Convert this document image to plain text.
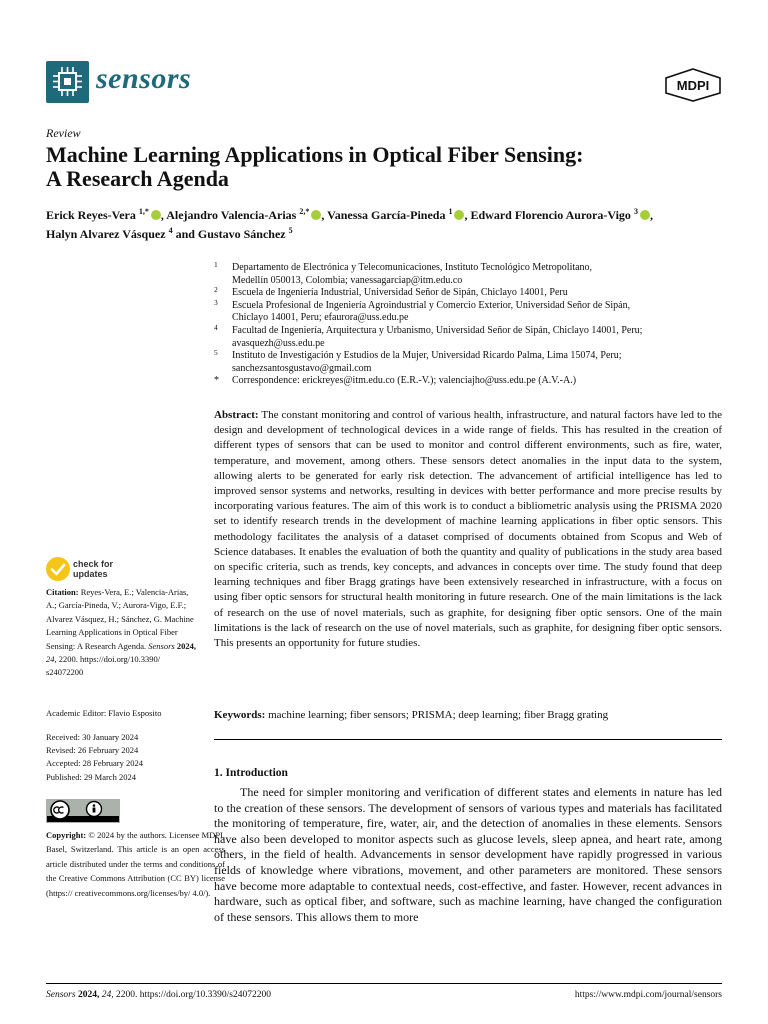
sensors	MDPI
Review
Machine Learning Applications in Optical Fiber Sensing:
A Research Agenda
Erick Reyes-Vera $^{1,*}$ , Alejandro Valencia-Arias $^{2,*}$ , Vanessa García-Pineda $^1$ , Edward Florencio Aurora-Vigo $^3$ ,
Halyn Alvarez Vásquez $^4$ and Gustavo Sánchez $^5$
1 Departamento de Electrónica y Telecomunicaciones, Instituto Tecnológico Metropolitano,
Medellín 050013, Colombia; vanessagarciap@itm.edu.co
2 Escuela de Ingeniería Industrial, Universidad Señor de Sipán, Chiclayo 14001, Peru
3 Escuela Profesional de Ingeniería Agroindustrial y Comercio Exterior, Universidad Señor de Sipán,
Chiclayo 14001, Peru; efaurora@uss.edu.pe
4 Facultad de Ingeniería, Arquitectura y Urbanismo, Universidad Señor de Sipán, Chiclayo 14001, Peru;
avasquezh@uss.edu.pe
5 Instituto de Investigación y Estudios de la Mujer, Universidad Ricardo Palma, Lima 15074, Peru;
sanchezsantosgustavo@gmail.com
* Correspondence: erickreyes@itm.edu.co (E.R.-V.); valenciajho@uss.edu.pe (A.V.-A.)
Abstract: The constant monitoring and control of various health, infrastructure, and natural factors have led to the design and development of technological devices in a wide range of fields. This has resulted in the creation of different types of sensors that can be used to monitor and control different environments, such as fire, water, temperature, and movement, among others. These sensors detect anomalies in the input data to the system, allowing alerts to be generated for early risk detection. The advancement of artificial intelligence has led to improved sensor systems and networks, resulting in devices with better performance and more precise results by incorporating various features. The aim of this work is to conduct a bibliometric analysis using the PRISMA 2020 set to identify research trends in the development of machine learning applications in fiber optic sensors. This methodology facilitates the analysis of a dataset comprised of documents obtained from Scopus and Web of Science databases. It enables the evaluation of both the quantity and quality of publications in the study area based on specific criteria, such as trends, key concepts, and advances in concepts over time. The study found that deep learning techniques and fiber Bragg gratings have been extensively researched in infrastructure, with a focus on using fiber optic sensors for structural health monitoring in future research. One of the main limitations is the lack of research on the use of novel materials, such as graphite, for designing fiber optic sensors. One of the main limitations is the lack of research on the use of novel materials, such as graphite, for designing fiber optic sensors. This presents an opportunity for future studies.
Keywords: machine learning; fiber sensors; PRISMA; deep learning; fiber Bragg grating
1. Introduction
The need for simpler monitoring and verification of different states and elements in nature has led to the creation of these sensors. The development of sensors of various types and materials has facilitated the monitoring of temperature, fire, water, air, and the detection of anomalies in these elements. Sensors have also been developed to monitor aspects such as glucose levels, sleep apnea, and heart rate, among others, in the field of health. Advancements in sensor development have rapidly progressed in various fields of knowledge where vibrations, movement, and other parameters are monitored. These sensors have become more adaptable to contextual needs, cost-effective, and faster. However, recent advances in hardware, such as optical fiber, and software, such as machine learning, have changed the configuration of these sensors. This allows them to more
check for
updates
Citation: Reyes-Vera, E.; Valencia-Arias, A.; García-Pineda, V.; Aurora-Vigo, E.F.; Alvarez Vásquez, H.; Sánchez, G. Machine Learning Applications in Optical Fiber Sensing: A Research Agenda. Sensors 2024, 24, 2200. https://doi.org/10.3390/ s24072200
Academic Editor: Flavio Esposito
Received: 30 January 2024
Revised: 26 February 2024
Accepted: 28 February 2024
Published: 29 March 2024
Copyright: © 2024 by the authors. Licensee MDPI, Basel, Switzerland. This article is an open access article distributed under the terms and conditions of the Creative Commons Attribution (CC BY) license (https:// creativecommons.org/licenses/by/ 4.0/).
Sensors 2024, 24, 2200. https://doi.org/10.3390/s24072200	https://www.mdpi.com/journal/sensors
